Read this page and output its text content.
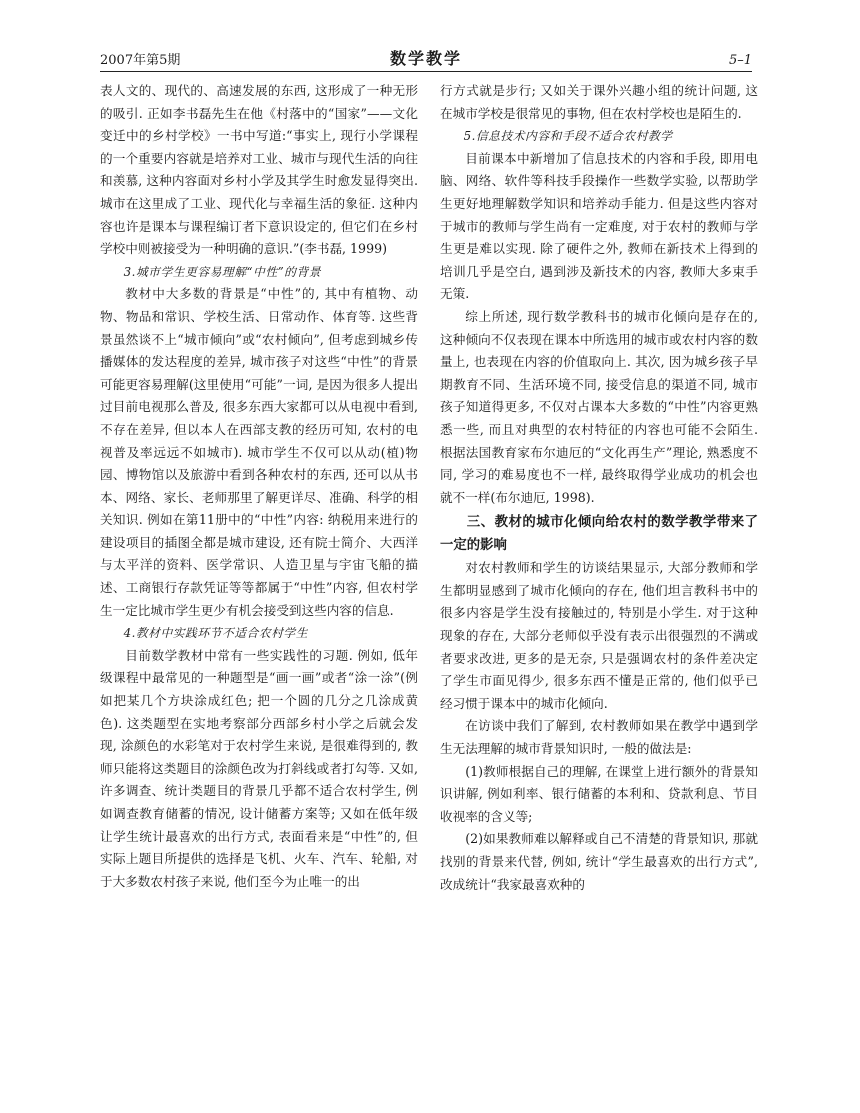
2007年第5期	数学教学	5–1

表人文的、现代的、高速发展的东西, 这形成了一种无形的吸引. 正如李书磊先生在他《村落中的“国家”——文化变迁中的乡村学校》一书中写道:“事实上, 现行小学课程的一个重要内容就是培养对工业、城市与现代生活的向往和羡慕, 这种内容面对乡村小学及其学生时愈发显得突出. 城市在这里成了工业、现代化与幸福生活的象征. 这种内容也许是课本与课程编订者下意识设定的, 但它们在乡村学校中则被接受为一种明确的意识.”(李书磊, 1999)

3.城市学生更容易理解“中性”的背景

教材中大多数的背景是“中性”的, 其中有植物、动物、物品和常识、学校生活、日常动作、体育等. 这些背景虽然谈不上“城市倾向”或“农村倾向”, 但考虑到城乡传播媒体的发达程度的差异, 城市孩子对这些“中性”的背景可能更容易理解(这里使用“可能”一词, 是因为很多人提出过目前电视那么普及, 很多东西大家都可以从电视中看到, 不存在差异, 但以本人在西部支教的经历可知, 农村的电视普及率远远不如城市). 城市学生不仅可以从动(植)物园、博物馆以及旅游中看到各种农村的东西, 还可以从书本、网络、家长、老师那里了解更详尽、准确、科学的相关知识. 例如在第11册中的“中性”内容: 纳税用来进行的建设项目的插图全都是城市建设, 还有院士简介、大西洋与太平洋的资料、医学常识、人造卫星与宇宙飞船的描述、工商银行存款凭证等等都属于“中性”内容, 但农村学生一定比城市学生更少有机会接受到这些内容的信息.

4.教材中实践环节不适合农村学生

目前数学教材中常有一些实践性的习题. 例如, 低年级课程中最常见的一种题型是“画一画”或者“涂一涂”(例如把某几个方块涂成红色; 把一个圆的几分之几涂成黄色). 这类题型在实地考察部分西部乡村小学之后就会发现, 涂颜色的水彩笔对于农村学生来说, 是很难得到的, 教师只能将这类题目的涂颜色改为打斜线或者打勾等. 又如, 许多调查、统计类题目的背景几乎都不适合农村学生, 例如调查教育储蓄的情况, 设计储蓄方案等; 又如在低年级让学生统计最喜欢的出行方式, 表面看来是“中性”的, 但实际上题目所提供的选择是飞机、火车、汽车、轮船, 对于大多数农村孩子来说, 他们至今为止唯一的出

行方式就是步行; 又如关于课外兴趣小组的统计问题, 这在城市学校是很常见的事物, 但在农村学校也是陌生的.

5.信息技术内容和手段不适合农村教学

目前课本中新增加了信息技术的内容和手段, 即用电脑、网络、软件等科技手段操作一些数学实验, 以帮助学生更好地理解数学知识和培养动手能力. 但是这些内容对于城市的教师与学生尚有一定难度, 对于农村的教师与学生更是难以实现. 除了硬件之外, 教师在新技术上得到的培训几乎是空白, 遇到涉及新技术的内容, 教师大多束手无策.

综上所述, 现行数学教科书的城市化倾向是存在的, 这种倾向不仅表现在课本中所选用的城市或农村内容的数量上, 也表现在内容的价值取向上. 其次, 因为城乡孩子早期教育不同、生活环境不同, 接受信息的渠道不同, 城市孩子知道得更多, 不仅对占课本大多数的“中性”内容更熟悉一些, 而且对典型的农村特征的内容也可能不会陌生. 根据法国教育家布尔迪厄的“文化再生产”理论, 熟悉度不同, 学习的难易度也不一样, 最终取得学业成功的机会也就不一样(布尔迪厄, 1998).

三、教材的城市化倾向给农村的数学教学带来了一定的影响

对农村教师和学生的访谈结果显示, 大部分教师和学生都明显感到了城市化倾向的存在, 他们坦言教科书中的很多内容是学生没有接触过的, 特别是小学生. 对于这种现象的存在, 大部分老师似乎没有表示出很强烈的不满或者要求改进, 更多的是无奈, 只是强调农村的条件差决定了学生市面见得少, 很多东西不懂是正常的, 他们似乎已经习惯于课本中的城市化倾向.

在访谈中我们了解到, 农村教师如果在教学中遇到学生无法理解的城市背景知识时, 一般的做法是:

(1)教师根据自己的理解, 在课堂上进行额外的背景知识讲解, 例如利率、银行储蓄的本利和、贷款利息、节目收视率的含义等;

(2)如果教师难以解释或自己不清楚的背景知识, 那就找别的背景来代替, 例如, 统计“学生最喜欢的出行方式”, 改成统计“我家最喜欢种的
